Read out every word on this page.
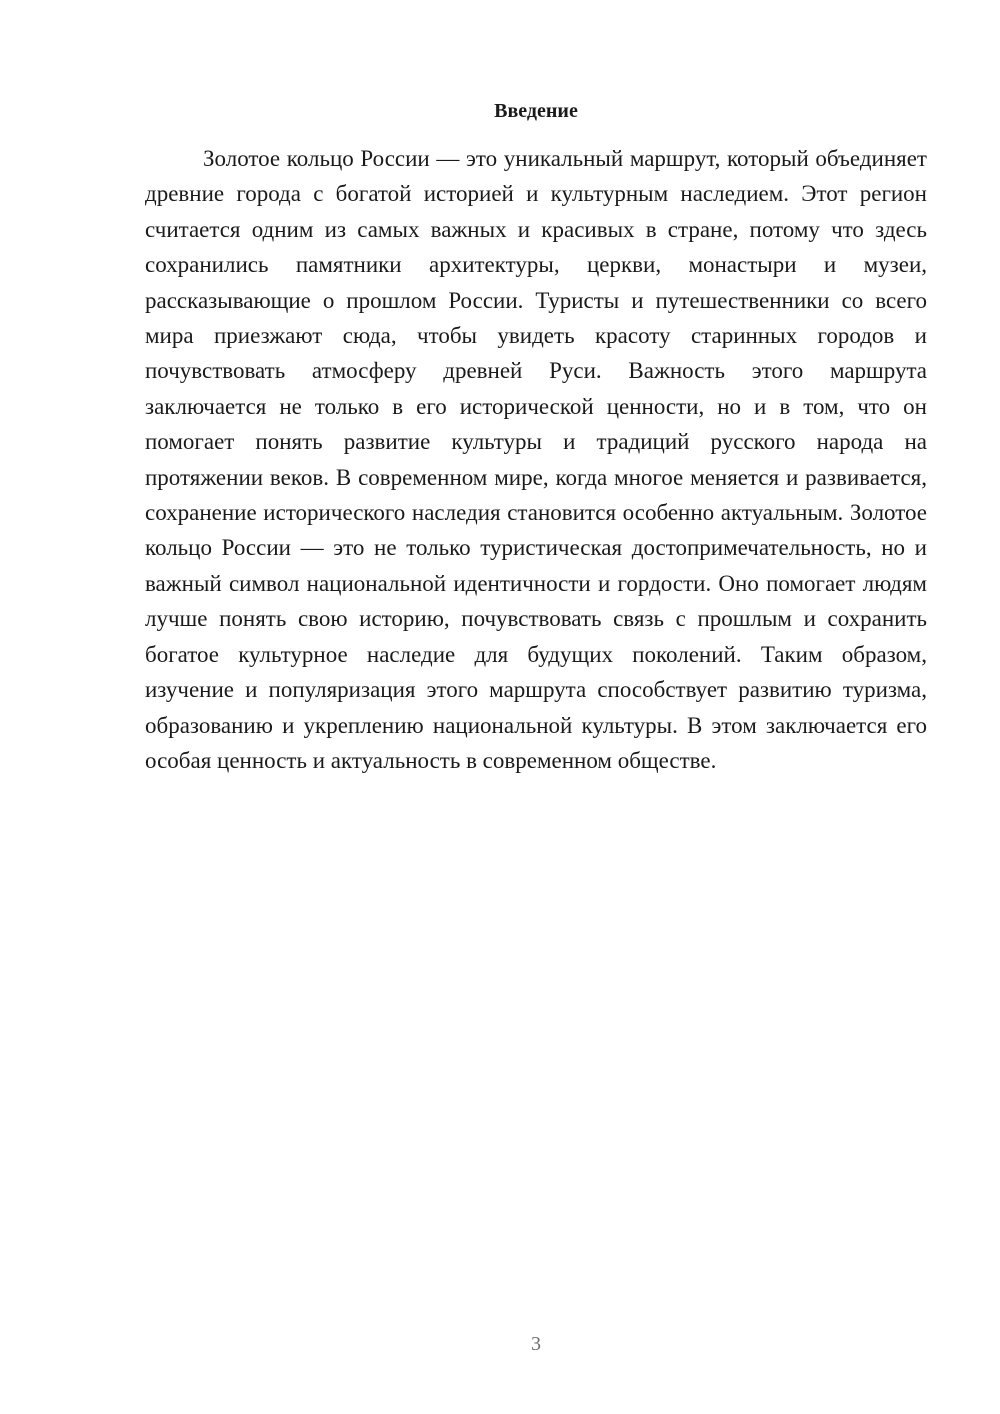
Введение

Золотое кольцо России — это уникальный маршрут, который объединяет древние города с богатой историей и культурным наследием. Этот регион считается одним из самых важных и красивых в стране, потому что здесь сохранились памятники архитектуры, церкви, монастыри и музеи, рассказывающие о прошлом России. Туристы и путешественники со всего мира приезжают сюда, чтобы увидеть красоту старинных городов и почувствовать атмосферу древней Руси. Важность этого маршрута заключается не только в его исторической ценности, но и в том, что он помогает понять развитие культуры и традиций русского народа на протяжении веков. В современном мире, когда многое меняется и развивается, сохранение исторического наследия становится особенно актуальным. Золотое кольцо России — это не только туристическая достопримечательность, но и важный символ национальной идентичности и гордости. Оно помогает людям лучше понять свою историю, почувствовать связь с прошлым и сохранить богатое культурное наследие для будущих поколений. Таким образом, изучение и популяризация этого маршрута способствует развитию туризма, образованию и укреплению национальной культуры. В этом заключается его особая ценность и актуальность в современном обществе.

3
